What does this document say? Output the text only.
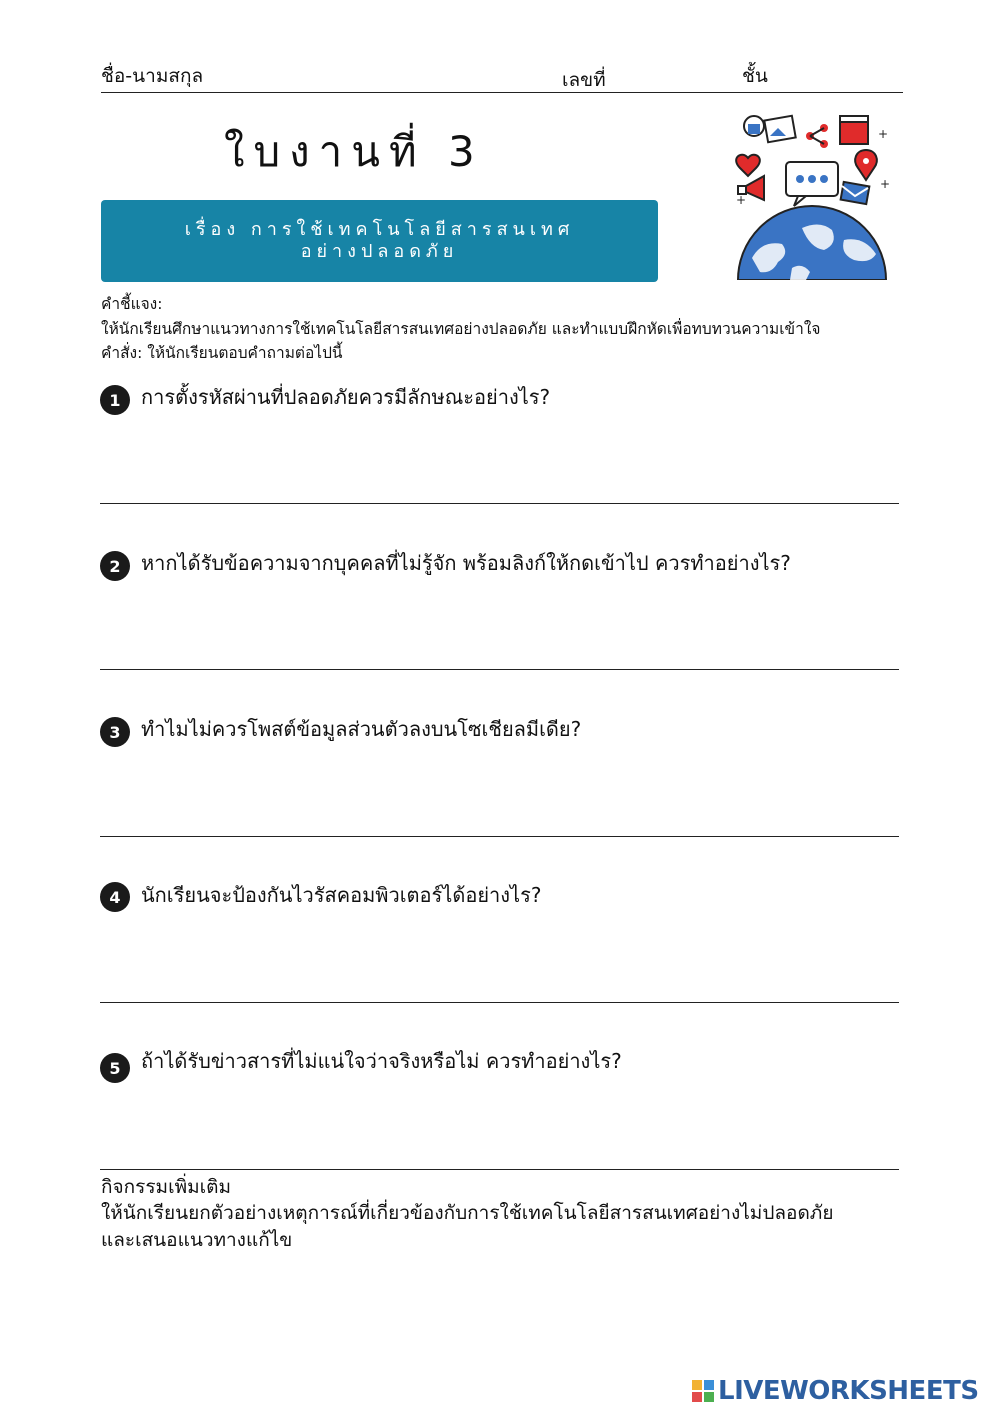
ชื่อ-นามสกุล	เลขที่	ชั้น
ใบงานที่ 3
เรื่อง การใช้เทคโนโลยีสารสนเทศ
อย่างปลอดภัย
+
+
+
คำชี้แจง:
ให้นักเรียนศึกษาแนวทางการใช้เทคโนโลยีสารสนเทศอย่างปลอดภัย และทำแบบฝึกหัดเพื่อทบทวนความเข้าใจ
คำสั่ง: ให้นักเรียนตอบคำถามต่อไปนี้
1	การตั้งรหัสผ่านที่ปลอดภัยควรมีลักษณะอย่างไร?
2	หากได้รับข้อความจากบุคคลที่ไม่รู้จัก พร้อมลิงก์ให้กดเข้าไป ควรทำอย่างไร?
3	ทำไมไม่ควรโพสต์ข้อมูลส่วนตัวลงบนโซเชียลมีเดีย?
4	นักเรียนจะป้องกันไวรัสคอมพิวเตอร์ได้อย่างไร?
5	ถ้าได้รับข่าวสารที่ไม่แน่ใจว่าจริงหรือไม่ ควรทำอย่างไร?
กิจกรรมเพิ่มเติม
ให้นักเรียนยกตัวอย่างเหตุการณ์ที่เกี่ยวข้องกับการใช้เทคโนโลยีสารสนเทศอย่างไม่ปลอดภัย
และเสนอแนวทางแก้ไข
LIVEWORKSHEETS
